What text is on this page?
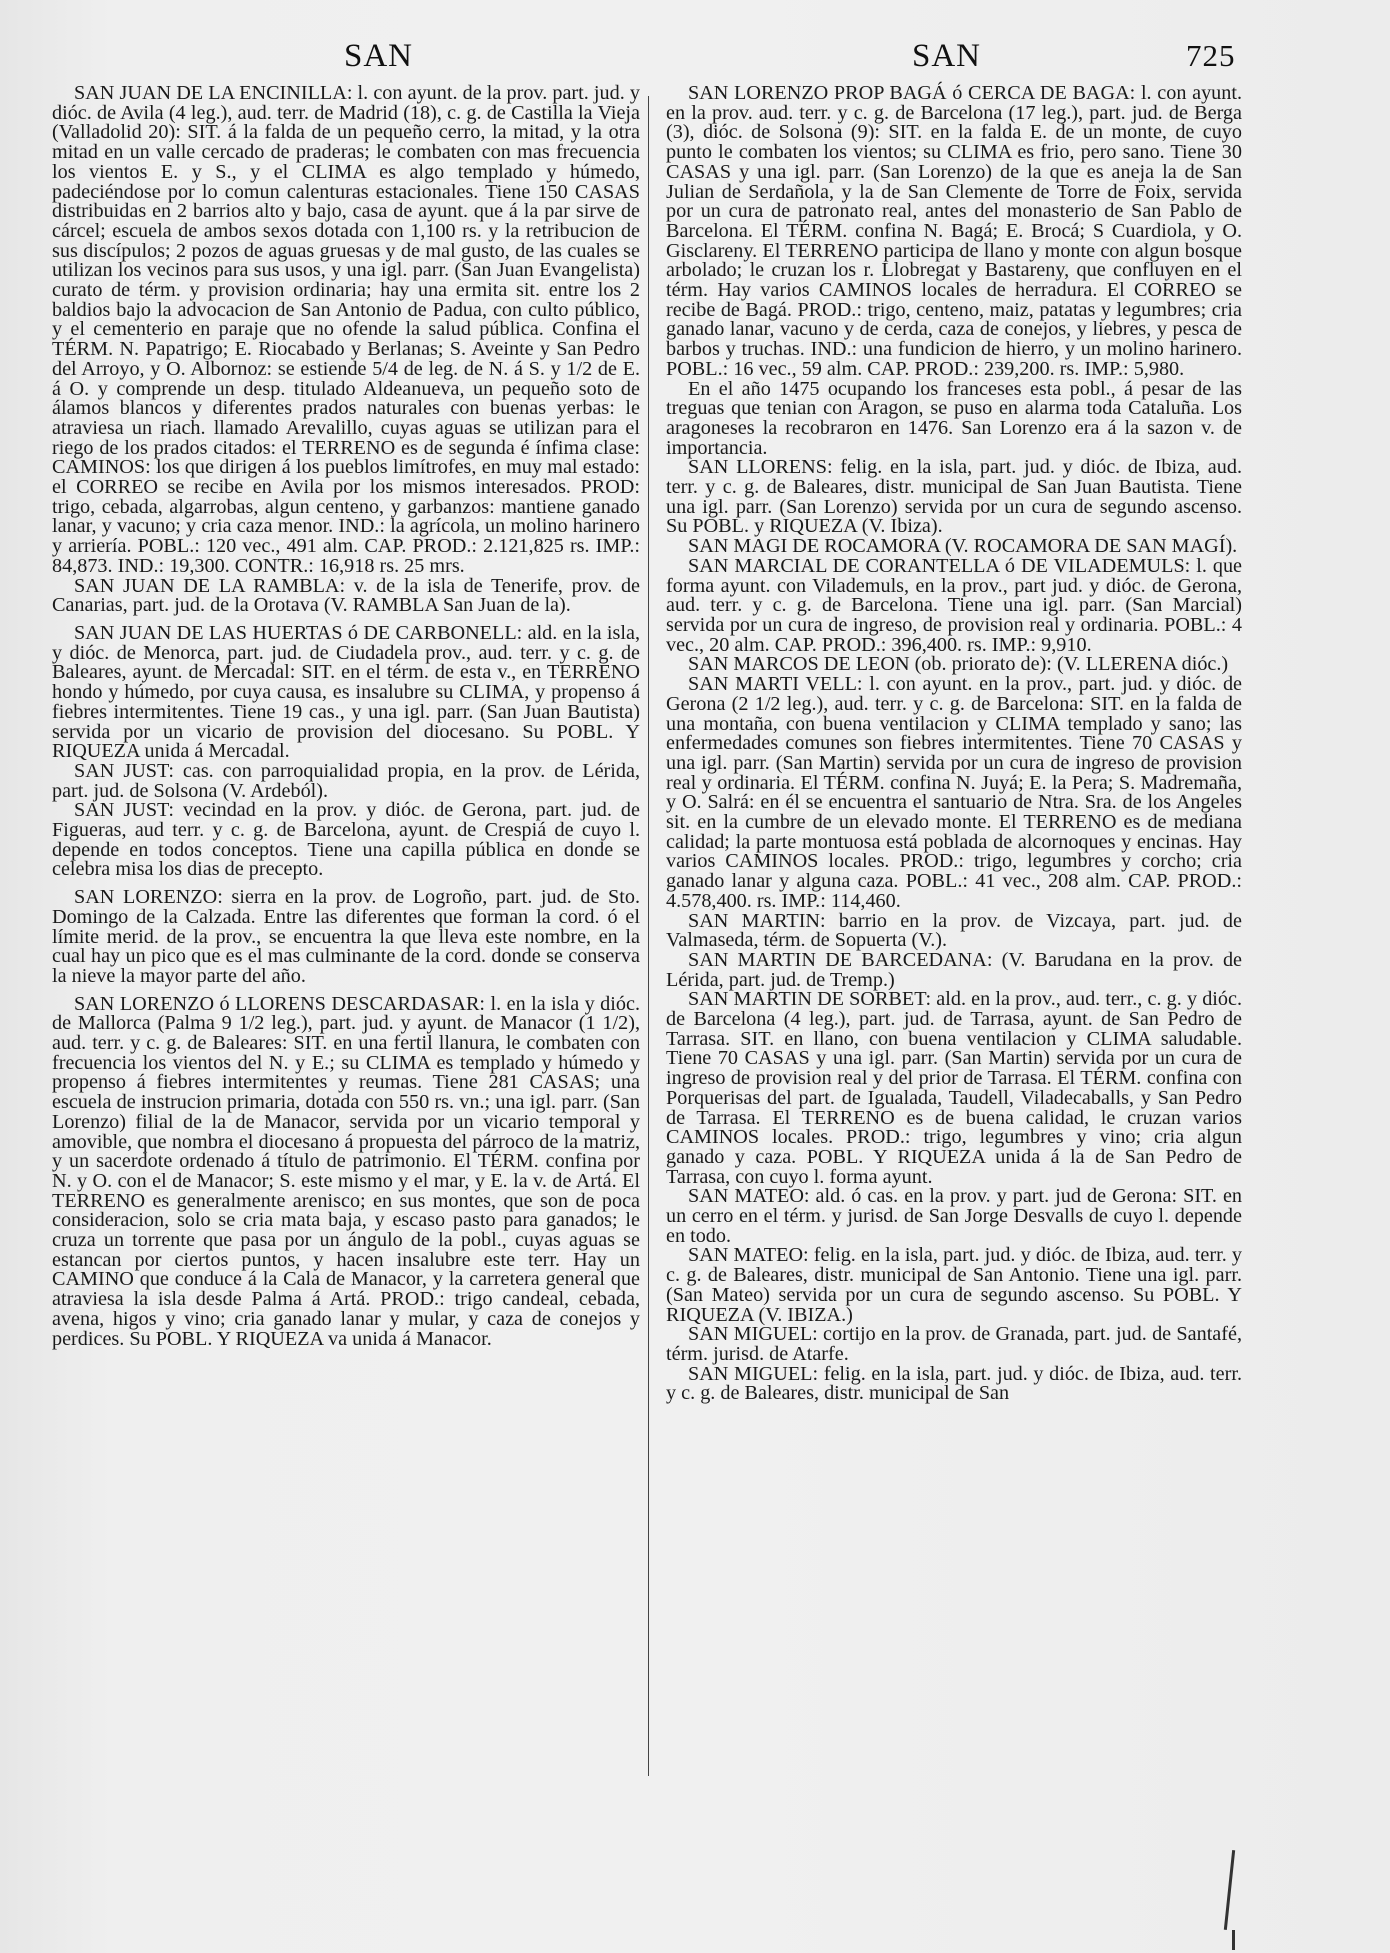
SAN	SAN	725

SAN JUAN DE LA ENCINILLA: l. con ayunt. de la prov. part. jud. y dióc. de Avila (4 leg.), aud. terr. de Madrid (18), c. g. de Castilla la Vieja (Valladolid 20): SIT. á la falda de un pequeño cerro, la mitad, y la otra mitad en un valle cercado de praderas; le combaten con mas frecuencia los vientos E. y S., y el CLIMA es algo templado y húmedo, padeciéndose por lo comun calenturas estacionales. Tiene 150 CASAS distribuidas en 2 barrios alto y bajo, casa de ayunt. que á la par sirve de cárcel; escuela de ambos sexos dotada con 1,100 rs. y la retribucion de sus discípulos; 2 pozos de aguas gruesas y de mal gusto, de las cuales se utilizan los vecinos para sus usos, y una igl. parr. (San Juan Evangelista) curato de térm. y provision ordinaria; hay una ermita sit. entre los 2 baldios bajo la advocacion de San Antonio de Padua, con culto público, y el cementerio en paraje que no ofende la salud pública. Confina el TÉRM. N. Papatrigo; E. Riocabado y Berlanas; S. Aveinte y San Pedro del Arroyo, y O. Albornoz: se estiende 5/4 de leg. de N. á S. y 1/2 de E. á O. y comprende un desp. titulado Aldeanueva, un pequeño soto de álamos blancos y diferentes prados naturales con buenas yerbas: le atraviesa un riach. llamado Arevalillo, cuyas aguas se utilizan para el riego de los prados citados: el TERRENO es de segunda é ínfima clase: CAMINOS: los que dirigen á los pueblos limítrofes, en muy mal estado: el CORREO se recibe en Avila por los mismos interesados. PROD: trigo, cebada, algarrobas, algun centeno, y garbanzos: mantiene ganado lanar, y vacuno; y cria caza menor. IND.: la agrícola, un molino harinero y arriería. POBL.: 120 vec., 491 alm. CAP. PROD.: 2.121,825 rs. IMP.: 84,873. IND.: 19,300. CONTR.: 16,918 rs. 25 mrs.

SAN JUAN DE LA RAMBLA: v. de la isla de Tenerife, prov. de Canarias, part. jud. de la Orotava (V. RAMBLA San Juan de la).

SAN JUAN DE LAS HUERTAS ó DE CARBONELL: ald. en la isla, y dióc. de Menorca, part. jud. de Ciudadela prov., aud. terr. y c. g. de Baleares, ayunt. de Mercadal: SIT. en el térm. de esta v., en TERRENO hondo y húmedo, por cuya causa, es insalubre su CLIMA, y propenso á fiebres intermitentes. Tiene 19 cas., y una igl. parr. (San Juan Bautista) servida por un vicario de provision del diocesano. Su POBL. Y RIQUEZA unida á Mercadal.

SAN JUST: cas. con parroquialidad propia, en la prov. de Lérida, part. jud. de Solsona (V. Ardeból).

SAN JUST: vecindad en la prov. y dióc. de Gerona, part. jud. de Figueras, aud terr. y c. g. de Barcelona, ayunt. de Crespiá de cuyo l. depende en todos conceptos. Tiene una capilla pública en donde se celebra misa los dias de precepto.

SAN LORENZO: sierra en la prov. de Logroño, part. jud. de Sto. Domingo de la Calzada. Entre las diferentes que forman la cord. ó el límite merid. de la prov., se encuentra la que lleva este nombre, en la cual hay un pico que es el mas culminante de la cord. donde se conserva la nieve la mayor parte del año.

SAN LORENZO ó LLORENS DESCARDASAR: l. en la isla y dióc. de Mallorca (Palma 9 1/2 leg.), part. jud. y ayunt. de Manacor (1 1/2), aud. terr. y c. g. de Baleares: SIT. en una fertil llanura, le combaten con frecuencia los vientos del N. y E.; su CLIMA es templado y húmedo y propenso á fiebres intermitentes y reumas. Tiene 281 CASAS; una escuela de instrucion primaria, dotada con 550 rs. vn.; una igl. parr. (San Lorenzo) filial de la de Manacor, servida por un vicario temporal y amovible, que nombra el diocesano á propuesta del párroco de la matriz, y un sacerdote ordenado á título de patrimonio. El TÉRM. confina por N. y O. con el de Manacor; S. este mismo y el mar, y E. la v. de Artá. El TERRENO es generalmente arenisco; en sus montes, que son de poca consideracion, solo se cria mata baja, y escaso pasto para ganados; le cruza un torrente que pasa por un ángulo de la pobl., cuyas aguas se estancan por ciertos puntos, y hacen insalubre este terr. Hay un CAMINO que conduce á la Cala de Manacor, y la carretera general que atraviesa la isla desde Palma á Artá. PROD.: trigo candeal, cebada, avena, higos y vino; cria ganado lanar y mular, y caza de conejos y perdices. Su POBL. Y RIQUEZA va unida á Manacor.

SAN LORENZO PROP BAGÁ ó CERCA DE BAGA: l. con ayunt. en la prov. aud. terr. y c. g. de Barcelona (17 leg.), part. jud. de Berga (3), dióc. de Solsona (9): SIT. en la falda E. de un monte, de cuyo punto le combaten los vientos; su CLIMA es frio, pero sano. Tiene 30 CASAS y una igl. parr. (San Lorenzo) de la que es aneja la de San Julian de Serdañola, y la de San Clemente de Torre de Foix, servida por un cura de patronato real, antes del monasterio de San Pablo de Barcelona. El TÉRM. confina N. Bagá; E. Brocá; S Cuardiola, y O. Gisclareny. El TERRENO participa de llano y monte con algun bosque arbolado; le cruzan los r. Llobregat y Bastareny, que confluyen en el térm. Hay varios CAMINOS locales de herradura. El CORREO se recibe de Bagá. PROD.: trigo, centeno, maiz, patatas y legumbres; cria ganado lanar, vacuno y de cerda, caza de conejos, y liebres, y pesca de barbos y truchas. IND.: una fundicion de hierro, y un molino harinero. POBL.: 16 vec., 59 alm. CAP. PROD.: 239,200. rs. IMP.: 5,980.

En el año 1475 ocupando los franceses esta pobl., á pesar de las treguas que tenian con Aragon, se puso en alarma toda Cataluña. Los aragoneses la recobraron en 1476. San Lorenzo era á la sazon v. de importancia.

SAN LLORENS: felig. en la isla, part. jud. y dióc. de Ibiza, aud. terr. y c. g. de Baleares, distr. municipal de San Juan Bautista. Tiene una igl. parr. (San Lorenzo) servida por un cura de segundo ascenso. Su POBL. y RIQUEZA (V. Ibiza).

SAN MAGI DE ROCAMORA (V. ROCAMORA DE SAN MAGÍ).

SAN MARCIAL DE CORANTELLA ó DE VILADEMULS: l. que forma ayunt. con Vilademuls, en la prov., part jud. y dióc. de Gerona, aud. terr. y c. g. de Barcelona. Tiene una igl. parr. (San Marcial) servida por un cura de ingreso, de provision real y ordinaria. POBL.: 4 vec., 20 alm. CAP. PROD.: 396,400. rs. IMP.: 9,910.

SAN MARCOS DE LEON (ob. priorato de): (V. LLERENA dióc.)

SAN MARTI VELL: l. con ayunt. en la prov., part. jud. y dióc. de Gerona (2 1/2 leg.), aud. terr. y c. g. de Barcelona: SIT. en la falda de una montaña, con buena ventilacion y CLIMA templado y sano; las enfermedades comunes son fiebres intermitentes. Tiene 70 CASAS y una igl. parr. (San Martin) servida por un cura de ingreso de provision real y ordinaria. El TÉRM. confina N. Juyá; E. la Pera; S. Madremaña, y O. Salrá: en él se encuentra el santuario de Ntra. Sra. de los Angeles sit. en la cumbre de un elevado monte. El TERRENO es de mediana calidad; la parte montuosa está poblada de alcornoques y encinas. Hay varios CAMINOS locales. PROD.: trigo, legumbres y corcho; cria ganado lanar y alguna caza. POBL.: 41 vec., 208 alm. CAP. PROD.: 4.578,400. rs. IMP.: 114,460.

SAN MARTIN: barrio en la prov. de Vizcaya, part. jud. de Valmaseda, térm. de Sopuerta (V.).

SAN MARTIN DE BARCEDANA: (V. Barudana en la prov. de Lérida, part. jud. de Tremp.)

SAN MARTIN DE SORBET: ald. en la prov., aud. terr., c. g. y dióc. de Barcelona (4 leg.), part. jud. de Tarrasa, ayunt. de San Pedro de Tarrasa. SIT. en llano, con buena ventilacion y CLIMA saludable. Tiene 70 CASAS y una igl. parr. (San Martin) servida por un cura de ingreso de provision real y del prior de Tarrasa. El TÉRM. confina con Porquerisas del part. de Igualada, Taudell, Viladecaballs, y San Pedro de Tarrasa. El TERRENO es de buena calidad, le cruzan varios CAMINOS locales. PROD.: trigo, legumbres y vino; cria algun ganado y caza. POBL. Y RIQUEZA unida á la de San Pedro de Tarrasa, con cuyo l. forma ayunt.

SAN MATEO: ald. ó cas. en la prov. y part. jud de Gerona: SIT. en un cerro en el térm. y jurisd. de San Jorge Desvalls de cuyo l. depende en todo.

SAN MATEO: felig. en la isla, part. jud. y dióc. de Ibiza, aud. terr. y c. g. de Baleares, distr. municipal de San Antonio. Tiene una igl. parr. (San Mateo) servida por un cura de segundo ascenso. Su POBL. Y RIQUEZA (V. IBIZA.)

SAN MIGUEL: cortijo en la prov. de Granada, part. jud. de Santafé, térm. jurisd. de Atarfe.

SAN MIGUEL: felig. en la isla, part. jud. y dióc. de Ibiza, aud. terr. y c. g. de Baleares, distr. municipal de San
